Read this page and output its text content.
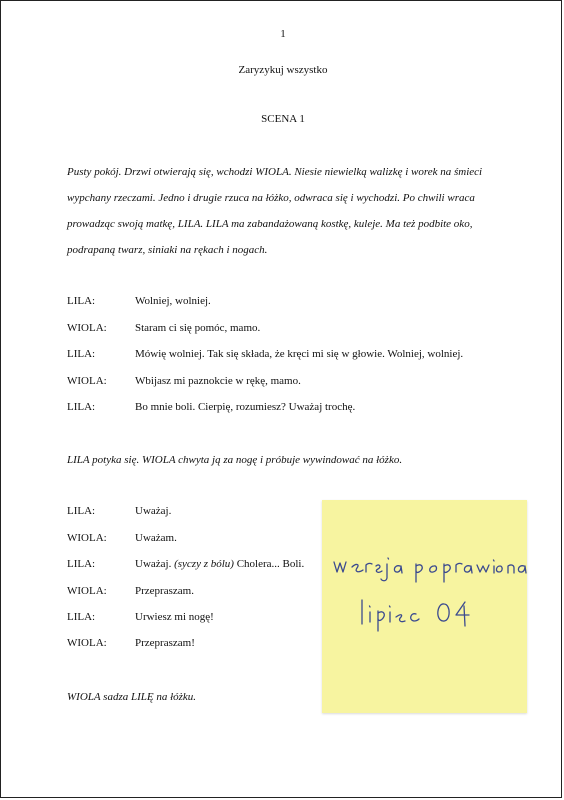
1
Zaryzykuj wszystko
SCENA 1
Pusty pokój. Drzwi otwierają się, wchodzi WIOLA. Niesie niewielką walizkę i worek na śmieci wypchany rzeczami. Jedno i drugie rzuca na łóżko, odwraca się i wychodzi. Po chwili wraca prowadząc swoją matkę, LILA. LILA ma zabandażowaną kostkę, kuleje. Ma też podbite oko, podrapaną twarz, siniaki na rękach i nogach.
LILA:	Wolniej, wolniej.
WIOLA:	Staram ci się pomóc, mamo.
LILA:	Mówię wolniej. Tak się składa, że kręci mi się w głowie. Wolniej, wolniej.
WIOLA:	Wbijasz mi paznokcie w rękę, mamo.
LILA:	Bo mnie boli. Cierpię, rozumiesz? Uważaj trochę.
LILA potyka się. WIOLA chwyta ją za nogę i próbuje wywindować na łóżko.
LILA:	Uważaj.
WIOLA:	Uważam.
LILA:	Uważaj. (syczy z bólu) Cholera... Boli.
WIOLA:	Przepraszam.
LILA:	Urwiesz mi nogę!
WIOLA:	Przepraszam!
WIOLA sadza LILĘ na łóżku.
